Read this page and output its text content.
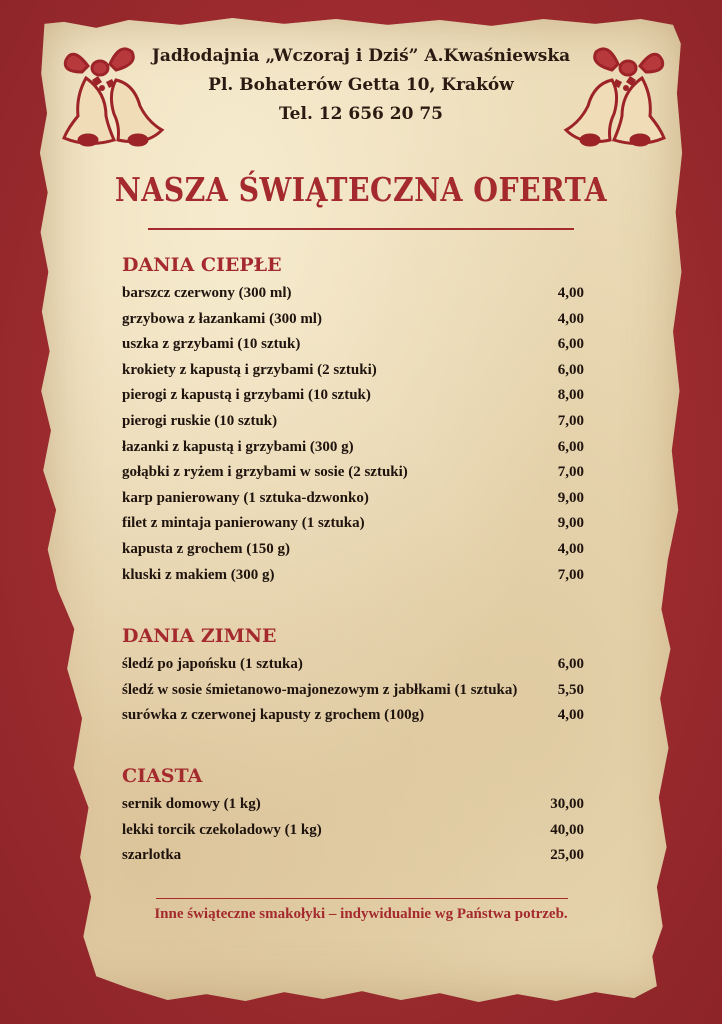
Jadłodajnia „Wczoraj i Dziś” A.Kwaśniewska
Pl. Bohaterów Getta 10, Kraków
Tel. 12 656 20 75
NASZA ŚWIĄTECZNA OFERTA
DANIA CIEPŁE
barszcz czerwony (300 ml)	4,00
grzybowa z łazankami (300 ml)	4,00
uszka z grzybami (10 sztuk)	6,00
krokiety z kapustą i grzybami (2 sztuki)	6,00
pierogi z kapustą i grzybami (10 sztuk)	8,00
pierogi ruskie (10 sztuk)	7,00
łazanki z kapustą i grzybami (300 g)	6,00
gołąbki z ryżem i grzybami w sosie (2 sztuki)	7,00
karp panierowany (1 sztuka-dzwonko)	9,00
filet z mintaja panierowany (1 sztuka)	9,00
kapusta z grochem (150 g)	4,00
kluski z makiem (300 g)	7,00
DANIA ZIMNE
śledź po japońsku (1 sztuka)	6,00
śledź w sosie śmietanowo-majonezowym z jabłkami (1 sztuka)	5,50
surówka z czerwonej kapusty z grochem (100g)	4,00
CIASTA
sernik domowy (1 kg)	30,00
lekki torcik czekoladowy (1 kg)	40,00
szarlotka	25,00
Inne świąteczne smakołyki – indywidualnie wg Państwa potrzeb.
